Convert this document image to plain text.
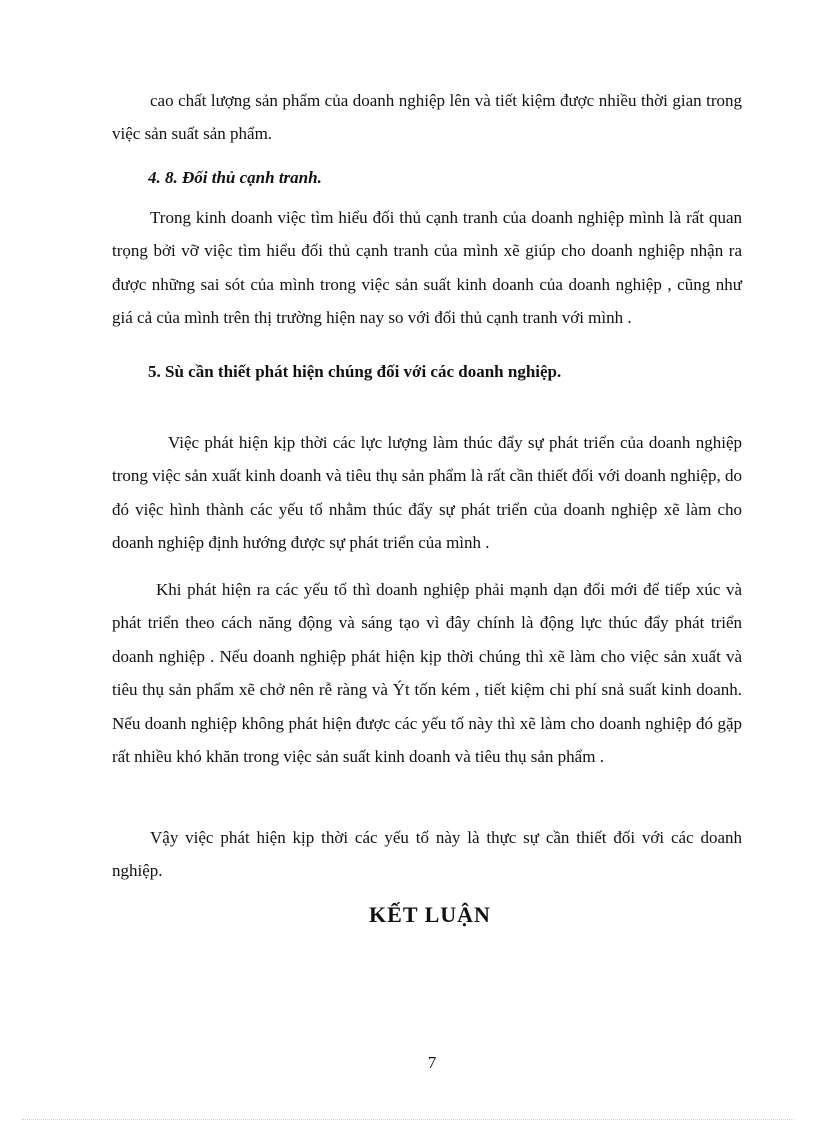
cao chất lượng sản phẩm của doanh nghiệp lên và tiết kiệm được nhiều thời gian trong việc sản suất sản phẩm.

4. 8. Đối thủ cạnh tranh.

Trong kinh doanh việc tìm hiểu đối thủ cạnh tranh của doanh nghiệp mình là rất quan trọng bởi vỡ việc tìm hiểu đối thủ cạnh tranh của mình xẽ giúp cho doanh nghiệp nhận ra được những sai sót của mình trong việc sản suất kinh doanh của doanh nghiệp , cũng như giá cả của mình trên thị trường hiện nay so với đối thủ cạnh tranh với mình .

5. Sù cần thiết phát hiện chúng đối với các doanh nghiệp.

Việc phát hiện kịp thời các lực lượng làm thúc đẩy sự phát triển của doanh nghiệp trong việc sản xuất kinh doanh và tiêu thụ sản phẩm là rất cần thiết đối với doanh nghiệp, do đó việc hình thành các yếu tố nhằm thúc đẩy sự phát triển của doanh nghiệp xẽ làm cho doanh nghiệp định hướng được sự phát triển của mình .

Khi phát hiện ra các yếu tố thì doanh nghiệp phải mạnh dạn đổi mới để tiếp xúc và phát triển theo cách năng động và sáng tạo vì đây chính là động lực thúc đẩy phát triển doanh nghiệp . Nếu doanh nghiệp phát hiện kịp thời chúng thì xẽ làm cho việc sản xuất và tiêu thụ sản phẩm xẽ chở nên rễ ràng và Ýt tốn kém , tiết kiệm chi phí snả suất kinh doanh. Nếu doanh nghiệp không phát hiện được các yếu tố này thì xẽ làm cho doanh nghiệp đó gặp rất nhiều khó khăn trong việc sản suất kinh doanh và tiêu thụ sản phẩm .

Vậy việc phát hiện kịp thời các yếu tố này là thực sự cần thiết đối với các doanh nghiệp.

KẾT LUẬN

7
